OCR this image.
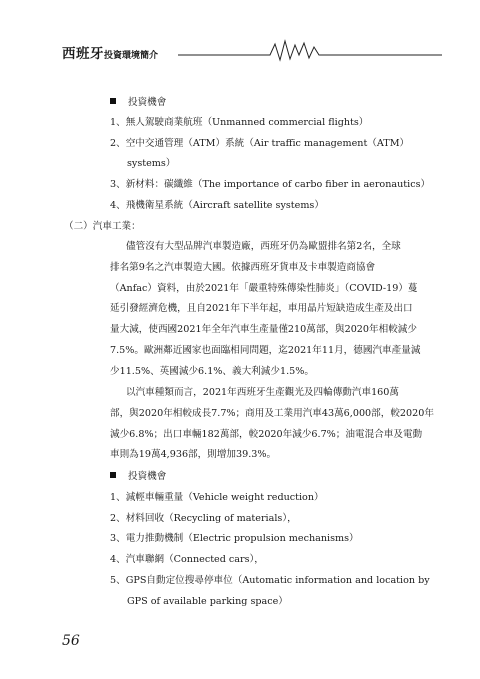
西班牙投資環境簡介
投資機會
1、無人駕駛商業航班（Unmanned commercial flights）
2、空中交通管理（ATM）系統（Air traffic management（ATM）
systems）
3、新材料：碳纖維（The importance of carbo fiber in aeronautics）
4、飛機衛星系統（Aircraft satellite systems）
（二）汽車工業：
儘管沒有大型品牌汽車製造廠，西班牙仍為歐盟排名第2名，全球
排名第9名之汽車製造大國。依據西班牙貨車及卡車製造商協會
（Anfac）資料，由於2021年「嚴重特殊傳染性肺炎」（COVID-19）蔓
延引發經濟危機，且自2021年下半年起，車用晶片短缺造成生產及出口
量大減，使西國2021年全年汽車生產量僅210萬部，與2020年相較減少
7.5%。歐洲鄰近國家也面臨相同問題，迄2021年11月，德國汽車產量減
少11.5%、英國減少6.1%、義大利減少1.5%。
以汽車種類而言，2021年西班牙生產觀光及四輪傳動汽車160萬
部，與2020年相較成長7.7%；商用及工業用汽車43萬6,000部，較2020年
減少6.8%；出口車輛182萬部，較2020年減少6.7%；油電混合車及電動
車則為19萬4,936部，則增加39.3%。
投資機會
1、減輕車輛重量（Vehicle weight reduction）
2、材料回收（Recycling of materials），
3、電力推動機制（Electric propulsion mechanisms）
4、汽車聯網（Connected cars），
5、GPS自動定位搜尋停車位（Automatic information and location by
GPS of available parking space）
56
